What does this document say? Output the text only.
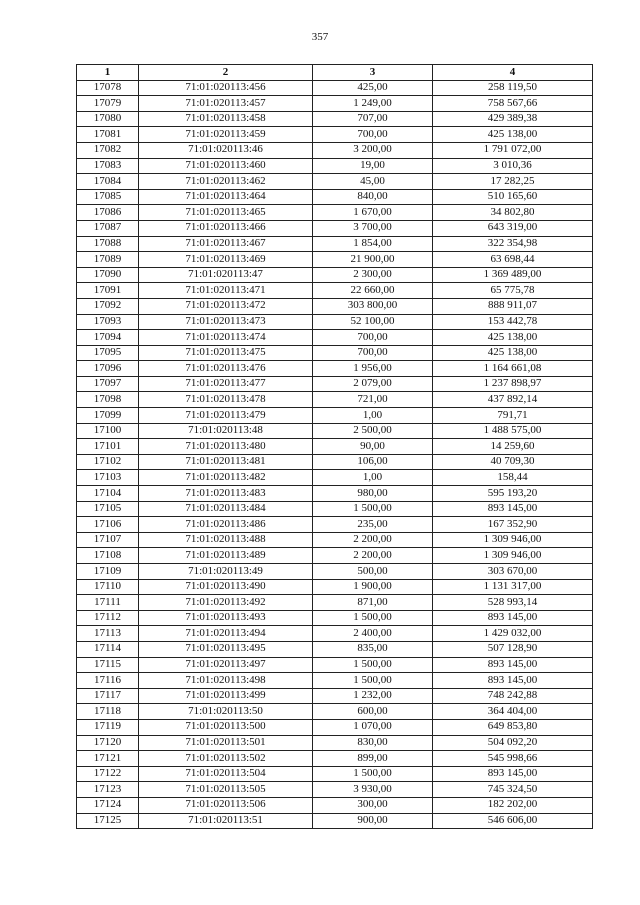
357
1	2	3	4
17078	71:01:020113:456	425,00	258 119,50
17079	71:01:020113:457	1 249,00	758 567,66
17080	71:01:020113:458	707,00	429 389,38
17081	71:01:020113:459	700,00	425 138,00
17082	71:01:020113:46	3 200,00	1 791 072,00
17083	71:01:020113:460	19,00	3 010,36
17084	71:01:020113:462	45,00	17 282,25
17085	71:01:020113:464	840,00	510 165,60
17086	71:01:020113:465	1 670,00	34 802,80
17087	71:01:020113:466	3 700,00	643 319,00
17088	71:01:020113:467	1 854,00	322 354,98
17089	71:01:020113:469	21 900,00	63 698,44
17090	71:01:020113:47	2 300,00	1 369 489,00
17091	71:01:020113:471	22 660,00	65 775,78
17092	71:01:020113:472	303 800,00	888 911,07
17093	71:01:020113:473	52 100,00	153 442,78
17094	71:01:020113:474	700,00	425 138,00
17095	71:01:020113:475	700,00	425 138,00
17096	71:01:020113:476	1 956,00	1 164 661,08
17097	71:01:020113:477	2 079,00	1 237 898,97
17098	71:01:020113:478	721,00	437 892,14
17099	71:01:020113:479	1,00	791,71
17100	71:01:020113:48	2 500,00	1 488 575,00
17101	71:01:020113:480	90,00	14 259,60
17102	71:01:020113:481	106,00	40 709,30
17103	71:01:020113:482	1,00	158,44
17104	71:01:020113:483	980,00	595 193,20
17105	71:01:020113:484	1 500,00	893 145,00
17106	71:01:020113:486	235,00	167 352,90
17107	71:01:020113:488	2 200,00	1 309 946,00
17108	71:01:020113:489	2 200,00	1 309 946,00
17109	71:01:020113:49	500,00	303 670,00
17110	71:01:020113:490	1 900,00	1 131 317,00
17111	71:01:020113:492	871,00	528 993,14
17112	71:01:020113:493	1 500,00	893 145,00
17113	71:01:020113:494	2 400,00	1 429 032,00
17114	71:01:020113:495	835,00	507 128,90
17115	71:01:020113:497	1 500,00	893 145,00
17116	71:01:020113:498	1 500,00	893 145,00
17117	71:01:020113:499	1 232,00	748 242,88
17118	71:01:020113:50	600,00	364 404,00
17119	71:01:020113:500	1 070,00	649 853,80
17120	71:01:020113:501	830,00	504 092,20
17121	71:01:020113:502	899,00	545 998,66
17122	71:01:020113:504	1 500,00	893 145,00
17123	71:01:020113:505	3 930,00	745 324,50
17124	71:01:020113:506	300,00	182 202,00
17125	71:01:020113:51	900,00	546 606,00
